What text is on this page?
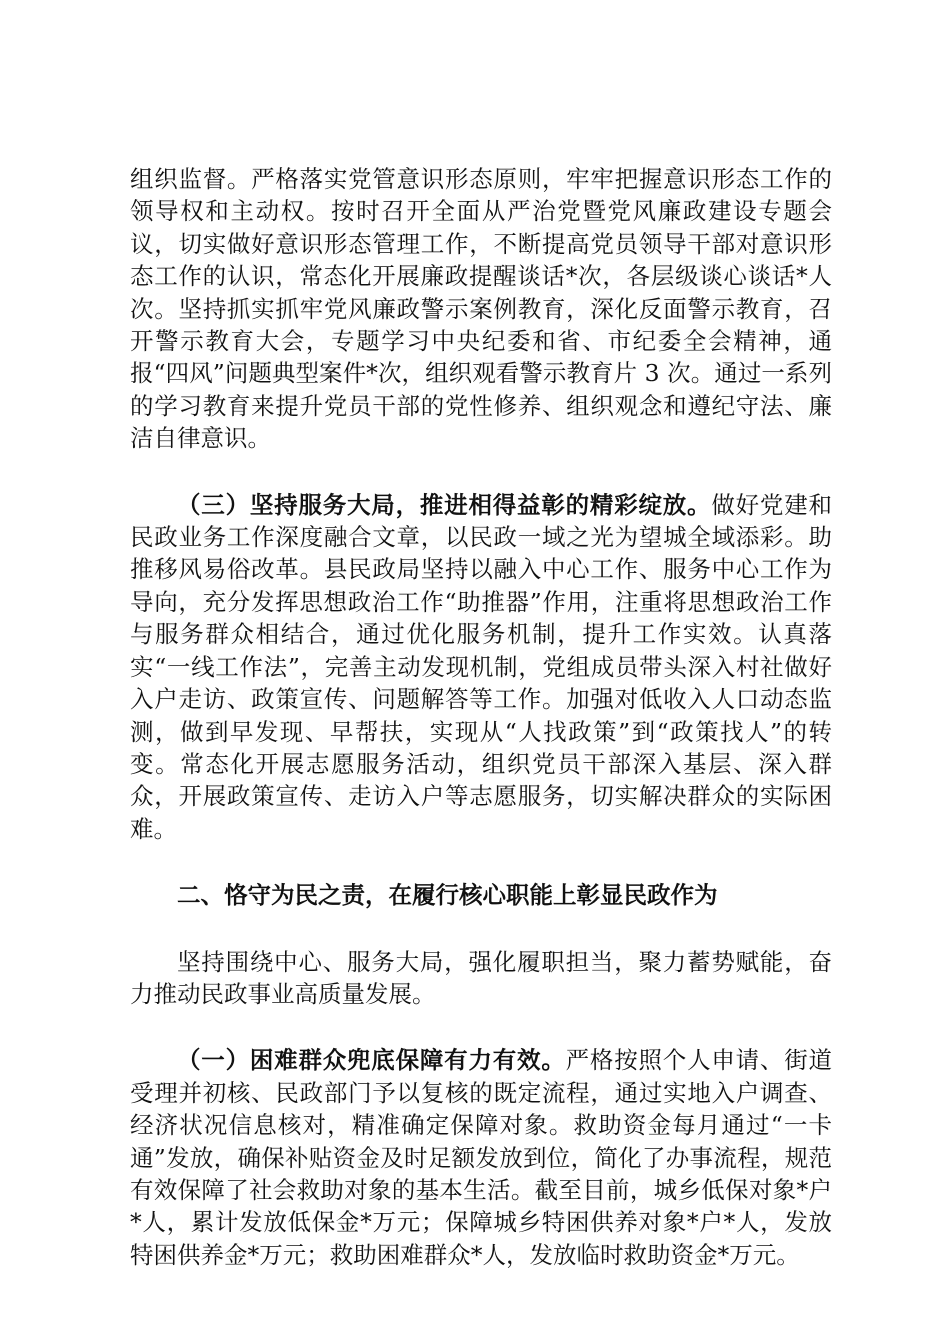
组织监督。严格落实党管意识形态原则，牢牢把握意识形态工作的领导权和主动权。按时召开全面从严治党暨党风廉政建设专题会议，切实做好意识形态管理工作，不断提高党员领导干部对意识形态工作的认识，常态化开展廉政提醒谈话*次，各层级谈心谈话*人次。坚持抓实抓牢党风廉政警示案例教育，深化反面警示教育，召开警示教育大会，专题学习中央纪委和省、市纪委全会精神，通报“四风”问题典型案件*次，组织观看警示教育片 3 次。通过一系列的学习教育来提升党员干部的党性修养、组织观念和遵纪守法、廉洁自律意识。

（三）坚持服务大局，推进相得益彰的精彩绽放。做好党建和民政业务工作深度融合文章，以民政一域之光为望城全域添彩。助推移风易俗改革。县民政局坚持以融入中心工作、服务中心工作为导向，充分发挥思想政治工作“助推器”作用，注重将思想政治工作与服务群众相结合，通过优化服务机制，提升工作实效。认真落实“一线工作法”，完善主动发现机制，党组成员带头深入村社做好入户走访、政策宣传、问题解答等工作。加强对低收入人口动态监测，做到早发现、早帮扶，实现从“人找政策”到“政策找人”的转变。常态化开展志愿服务活动，组织党员干部深入基层、深入群众，开展政策宣传、走访入户等志愿服务，切实解决群众的实际困难。

二、恪守为民之责，在履行核心职能上彰显民政作为

坚持围绕中心、服务大局，强化履职担当，聚力蓄势赋能，奋力推动民政事业高质量发展。

（一）困难群众兜底保障有力有效。严格按照个人申请、街道受理并初核、民政部门予以复核的既定流程，通过实地入户调查、经济状况信息核对，精准确定保障对象。救助资金每月通过“一卡通”发放，确保补贴资金及时足额发放到位，简化了办事流程，规范有效保障了社会救助对象的基本生活。截至目前，城乡低保对象*户*人，累计发放低保金*万元；保障城乡特困供养对象*户*人，发放特困供养金*万元；救助困难群众*人，发放临时救助资金*万元。
